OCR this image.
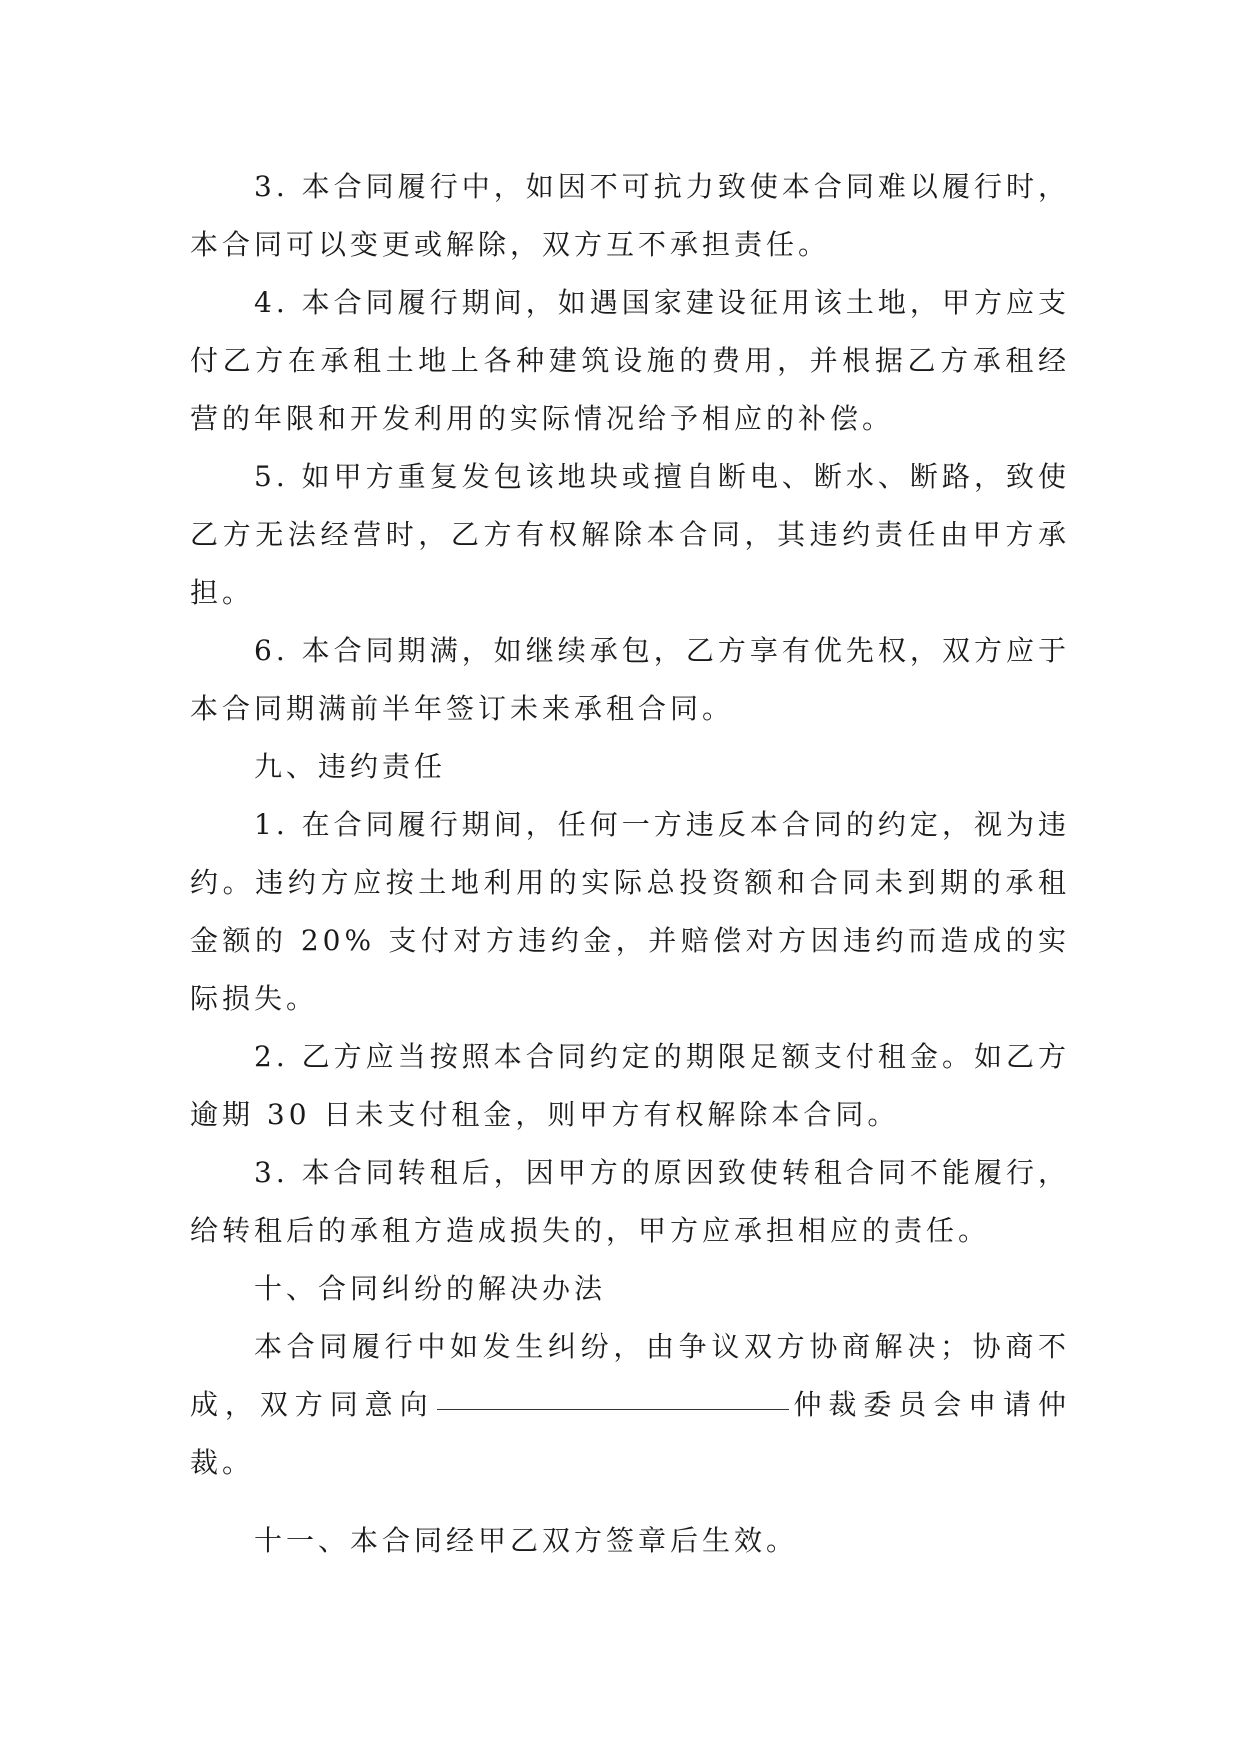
3. 本合同履行中，如因不可抗力致使本合同难以履行时，本合同可以变更或解除，双方互不承担责任。

4. 本合同履行期间，如遇国家建设征用该土地，甲方应支付乙方在承租土地上各种建筑设施的费用，并根据乙方承租经营的年限和开发利用的实际情况给予相应的补偿。

5. 如甲方重复发包该地块或擅自断电、断水、断路，致使乙方无法经营时，乙方有权解除本合同，其违约责任由甲方承担。

6. 本合同期满，如继续承包，乙方享有优先权，双方应于本合同期满前半年签订未来承租合同。

九、违约责任

1. 在合同履行期间，任何一方违反本合同的约定，视为违约。违约方应按土地利用的实际总投资额和合同未到期的承租金额的 20% 支付对方违约金，并赔偿对方因违约而造成的实际损失。

2. 乙方应当按照本合同约定的期限足额支付租金。如乙方逾期 30 日未支付租金，则甲方有权解除本合同。

3. 本合同转租后，因甲方的原因致使转租合同不能履行，给转租后的承租方造成损失的，甲方应承担相应的责任。

十、合同纠纷的解决办法

本合同履行中如发生纠纷，由争议双方协商解决；协商不成，双方同意向	仲裁委员会申请仲裁。

十一、本合同经甲乙双方签章后生效。
